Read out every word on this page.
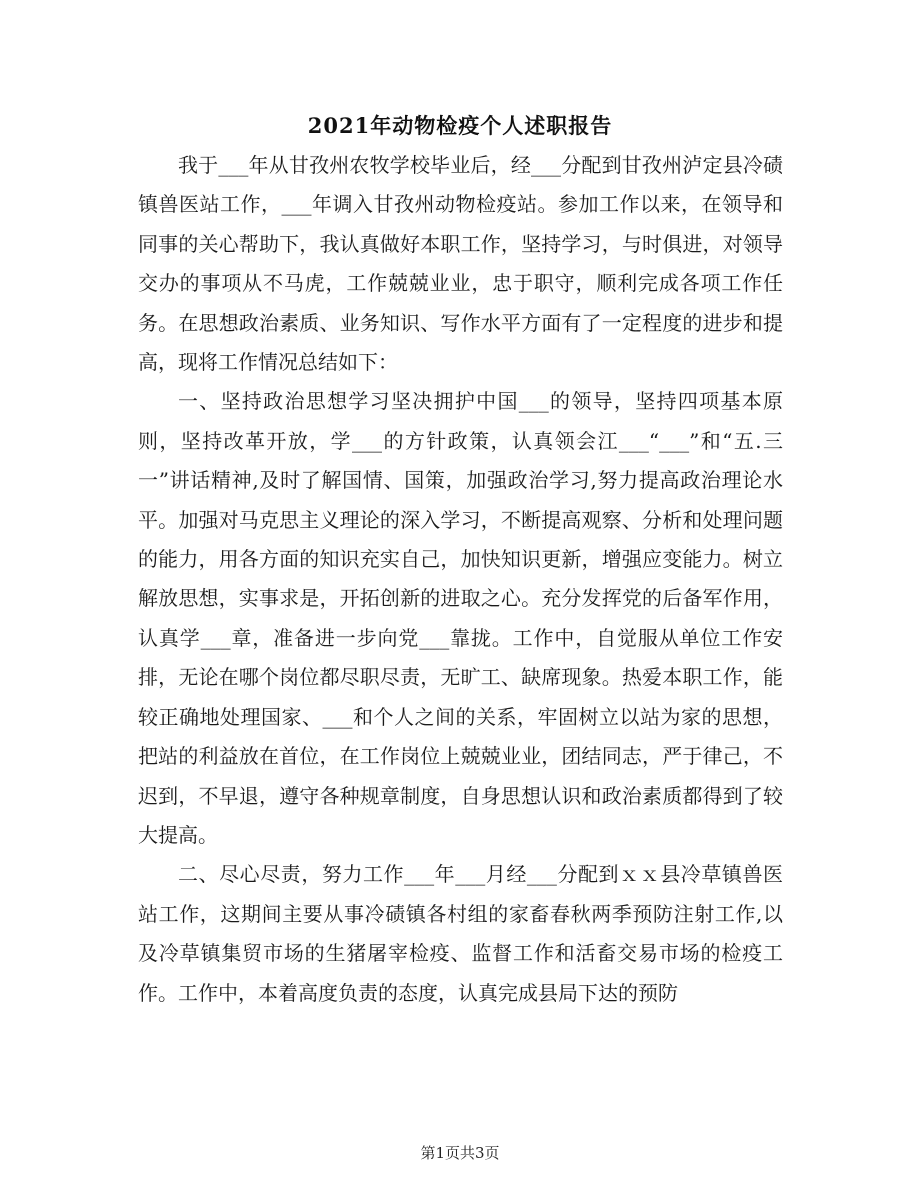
2021年动物检疫个人述职报告

我于___年从甘孜州农牧学校毕业后，经___分配到甘孜州泸定县冷碛镇兽医站工作，___年调入甘孜州动物检疫站。参加工作以来，在领导和同事的关心帮助下，我认真做好本职工作，坚持学习，与时俱进，对领导交办的事项从不马虎，工作兢兢业业，忠于职守，顺利完成各项工作任务。在思想政治素质、业务知识、写作水平方面有了一定程度的进步和提高，现将工作情况总结如下：

一、坚持政治思想学习坚决拥护中国___的领导，坚持四项基本原则，坚持改革开放，学___的方针政策，认真领会江___“___”和“五.三一”讲话精神,及时了解国情、国策，加强政治学习,努力提高政治理论水平。加强对马克思主义理论的深入学习，不断提高观察、分析和处理问题的能力，用各方面的知识充实自己，加快知识更新，增强应变能力。树立解放思想，实事求是，开拓创新的进取之心。充分发挥党的后备军作用，认真学___章，准备进一步向党___靠拢。工作中，自觉服从单位工作安排，无论在哪个岗位都尽职尽责，无旷工、缺席现象。热爱本职工作，能较正确地处理国家、___和个人之间的关系，牢固树立以站为家的思想，把站的利益放在首位，在工作岗位上兢兢业业，团结同志，严于律己，不迟到，不早退，遵守各种规章制度，自身思想认识和政治素质都得到了较大提高。

二、尽心尽责，努力工作___年___月经___分配到ｘｘ县冷草镇兽医站工作，这期间主要从事冷碛镇各村组的家畜春秋两季预防注射工作,以及冷草镇集贸市场的生猪屠宰检疫、监督工作和活畜交易市场的检疫工作。工作中，本着高度负责的态度，认真完成县局下达的预防

第1页共3页
